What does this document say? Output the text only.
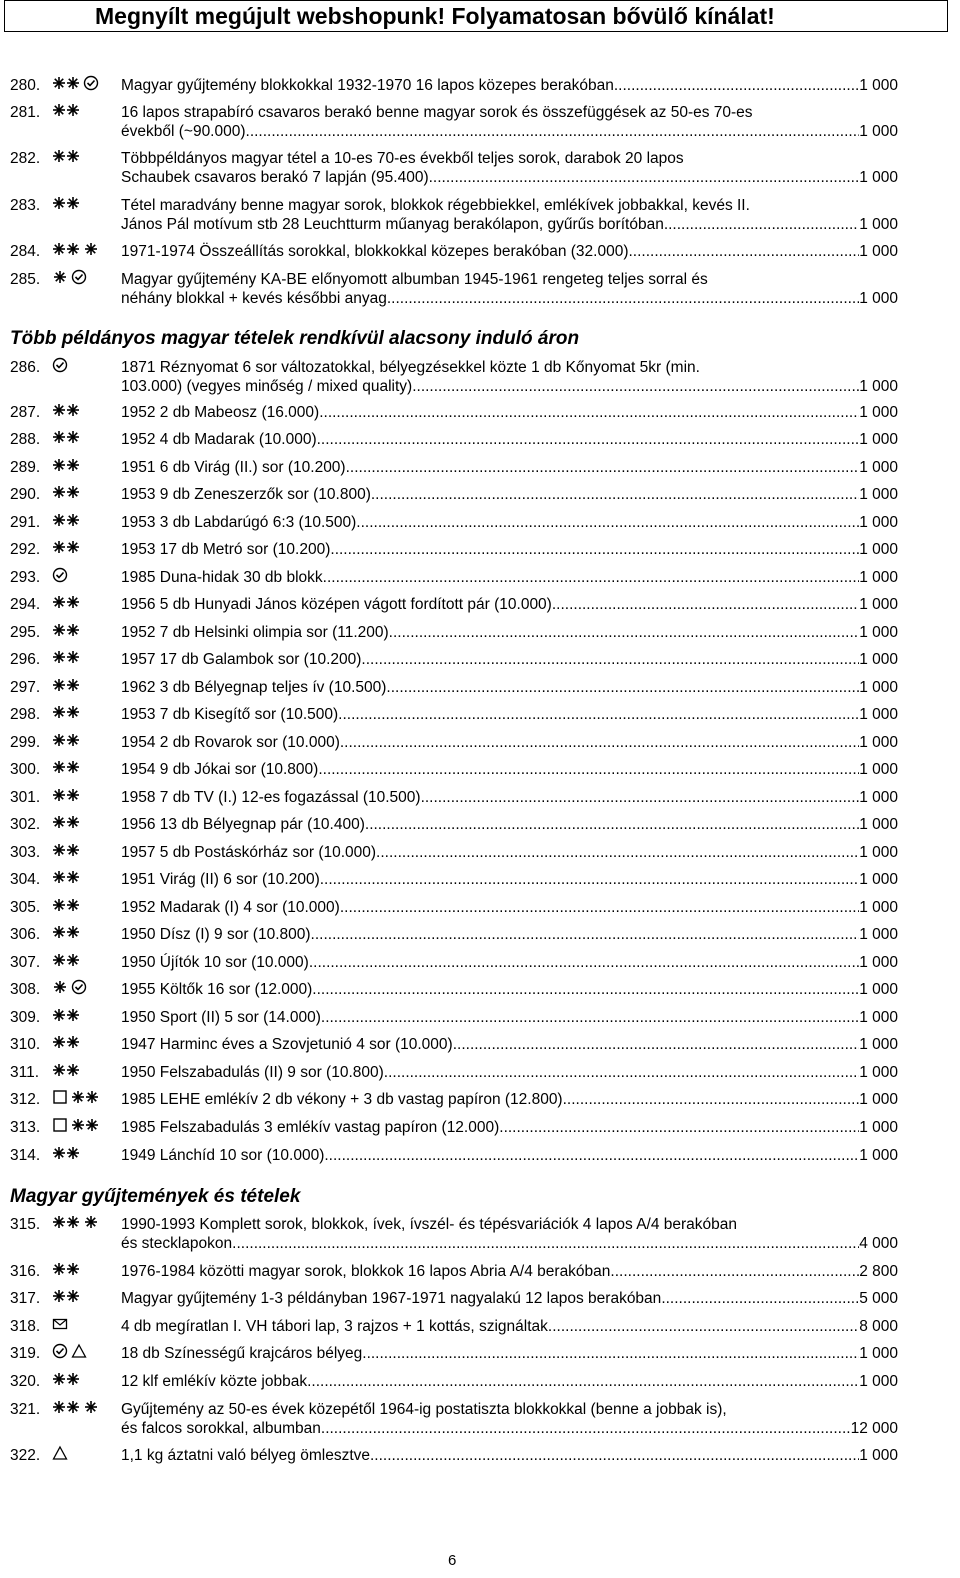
Megnyílt megújult webshopunk! Folyamatosan bővülő kínálat!
280.	Magyar gyűjtemény blokkokkal 1932-1970 16 lapos közepes berakóban .....	1 000
281.	16 lapos strapabíró csavaros berakó benne magyar sorok és összefüggések az 50-es 70-es
évekből (~90.000) .....	1 000
282.	Többpéldányos magyar tétel a 10-es 70-es évekből teljes sorok, darabok 20 lapos
Schaubek csavaros berakó 7 lapján (95.400) .....	1 000
283.	Tétel maradvány benne magyar sorok, blokkok régebbiekkel, emlékívek jobbakkal, kevés II.
János Pál motívum stb 28 Leuchtturm műanyag berakólapon, gyűrűs borítóban .....	1 000
284.	1971-1974 Összeállítás sorokkal, blokkokkal közepes berakóban (32.000) .....	1 000
285.	Magyar gyűjtemény KA-BE előnyomott albumban 1945-1961 rengeteg teljes sorral és
néhány blokkal + kevés későbbi anyag .....	1 000
286.	1871 Réznyomat 6 sor változatokkal, bélyegzésekkel közte 1 db Kőnyomat 5kr (min.
103.000) (vegyes minőség / mixed quality) .....	1 000
287.	1952 2 db Mabeosz (16.000) .....	1 000
288.	1952 4 db Madarak (10.000) .....	1 000
289.	1951 6 db Virág (II.) sor (10.200) .....	1 000
290.	1953 9 db Zeneszerzők sor (10.800) .....	1 000
291.	1953 3 db Labdarúgó 6:3 (10.500) .....	1 000
292.	1953 17 db Metró sor (10.200) .....	1 000
293.	1985 Duna-hidak 30 db blokk .....	1 000
294.	1956 5 db Hunyadi János középen vágott fordított pár (10.000) .....	1 000
295.	1952 7 db Helsinki olimpia sor (11.200) .....	1 000
296.	1957 17 db Galambok sor (10.200) .....	1 000
297.	1962 3 db Bélyegnap teljes ív (10.500) .....	1 000
298.	1953 7 db Kisegítő sor (10.500) .....	1 000
299.	1954 2 db Rovarok sor (10.000) .....	1 000
300.	1954 9 db Jókai sor (10.800) .....	1 000
301.	1958 7 db TV (I.) 12-es fogazással (10.500) .....	1 000
302.	1956 13 db Bélyegnap pár (10.400) .....	1 000
303.	1957 5 db Postáskórház sor (10.000) .....	1 000
304.	1951 Virág (II) 6 sor (10.200) .....	1 000
305.	1952 Madarak (I) 4 sor (10.000) .....	1 000
306.	1950 Dísz (I) 9 sor (10.800) .....	1 000
307.	1950 Újítók 10 sor (10.000) .....	1 000
308.	1955 Költők 16 sor (12.000) .....	1 000
309.	1950 Sport (II) 5 sor (14.000) .....	1 000
310.	1947 Harminc éves a Szovjetunió 4 sor (10.000) .....	1 000
311.	1950 Felszabadulás (II) 9 sor (10.800) .....	1 000
312.	1985 LEHE emlékív 2 db vékony + 3 db vastag papíron (12.800) .....	1 000
313.	1985 Felszabadulás 3 emlékív vastag papíron (12.000) .....	1 000
314.	1949 Lánchíd 10 sor (10.000) .....	1 000
315.	1990-1993 Komplett sorok, blokkok, ívek, ívszél- és tépésvariációk 4 lapos A/4 berakóban
és stecklapokon .....	4 000
316.	1976-1984 közötti magyar sorok, blokkok 16 lapos Abria A/4 berakóban .....	2 800
317.	Magyar gyűjtemény 1-3 példányban 1967-1971 nagyalakú 12 lapos berakóban .....	5 000
318.	4 db megíratlan I. VH tábori lap, 3 rajzos + 1 kottás, szignáltak .....	8 000
319.	18 db Színességű krajcáros bélyeg .....	1 000
320.	12 klf emlékív közte jobbak .....	1 000
321.	Gyűjtemény az 50-es évek közepétől 1964-ig postatiszta blokkokkal (benne a jobbak is),
és falcos sorokkal, albumban .....	12 000
322.	1,1 kg áztatni való bélyeg ömlesztve .....	1 000
Több példányos magyar tételek rendkívül alacsony induló áron
Magyar gyűjtemények és tételek
6
